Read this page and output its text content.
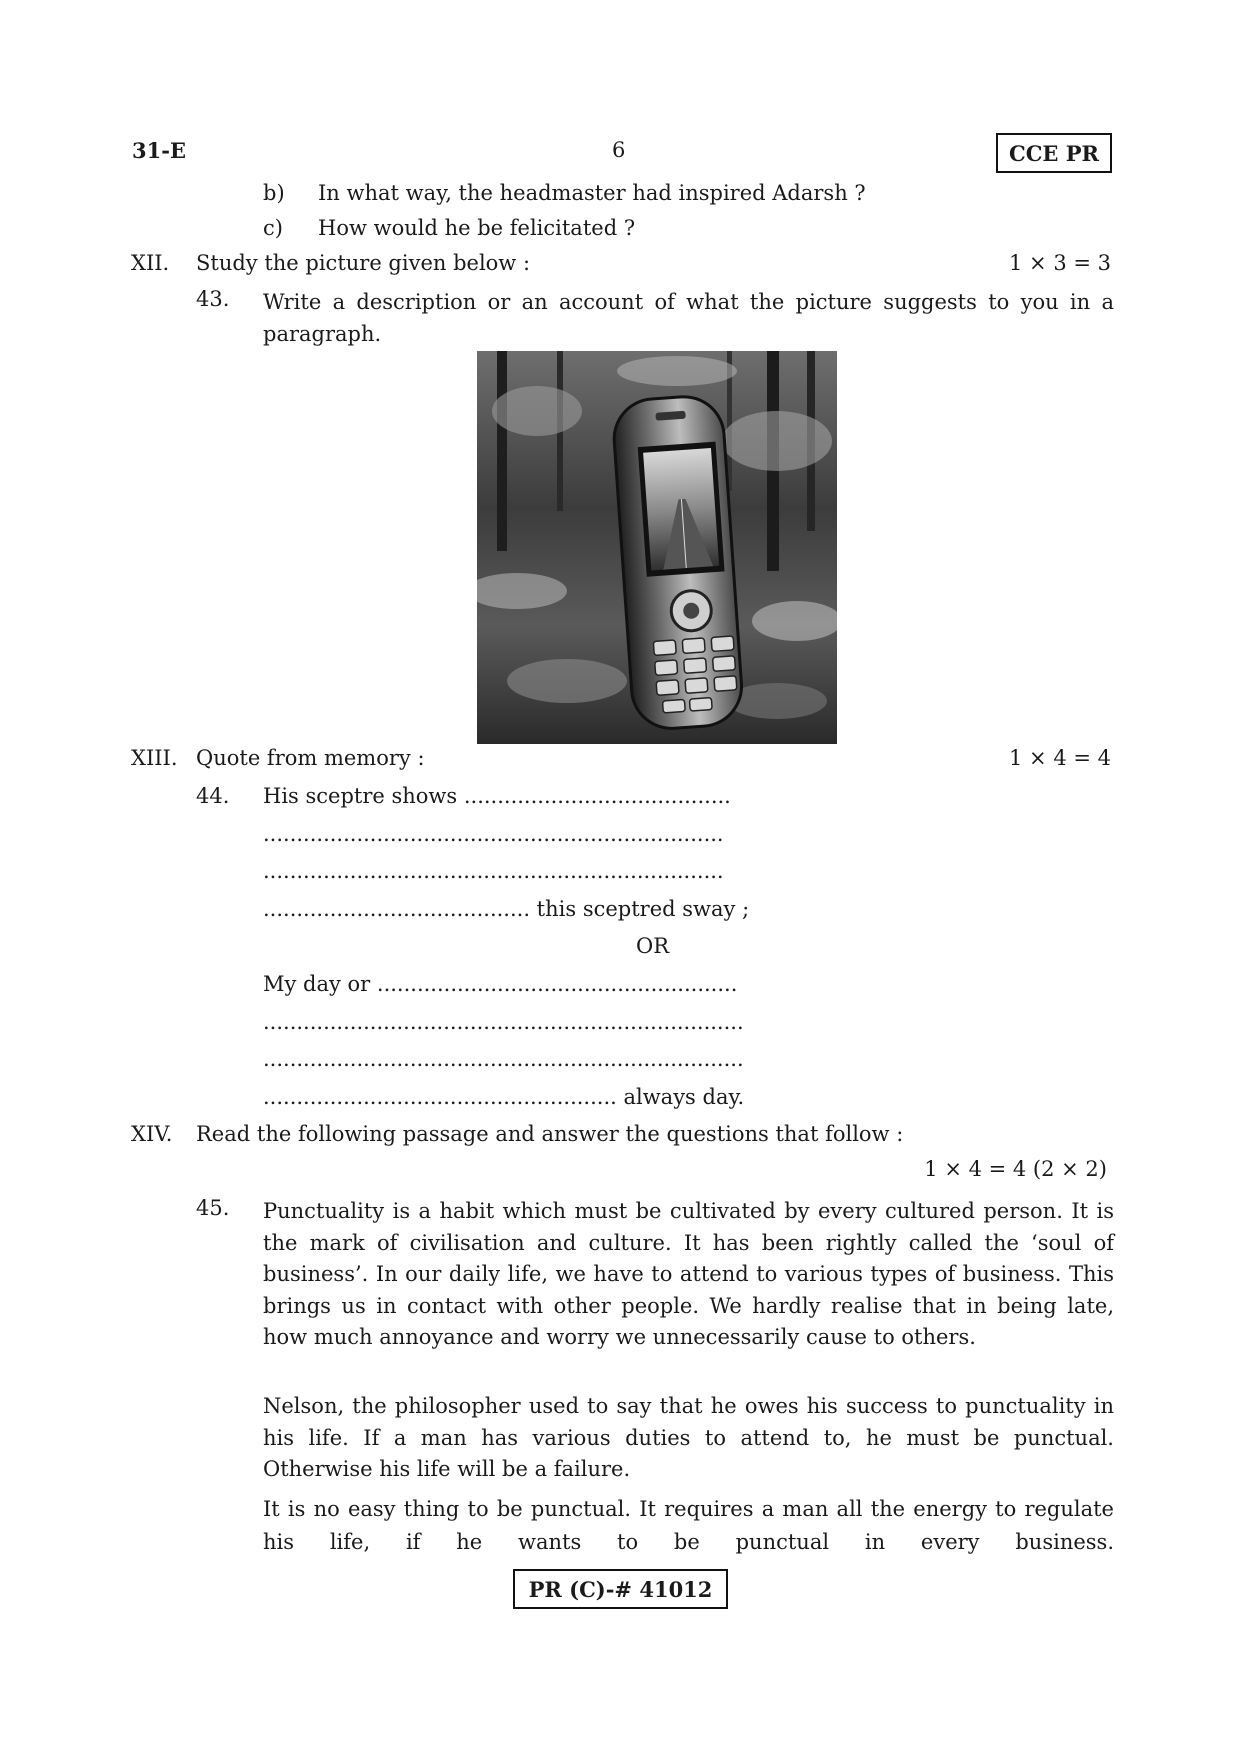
31-E	6	CCE PR
b) In what way, the headmaster had inspired Adarsh ?
c) How would he be felicitated ?
XII. Study the picture given below :	1 × 3 = 3
43. Write a description or an account of what the picture suggests to you in a
paragraph.
XIII. Quote from memory :	1 × 4 = 4
44. His sceptre shows ........................................
.....................................................................
.....................................................................
........................................ this sceptred sway ;
OR
My day or ......................................................
........................................................................
........................................................................
..................................................... always day.
XIV. Read the following passage and answer the questions that follow :
1 × 4 = 4 (2 × 2)
45. Punctuality is a habit which must be cultivated by every cultured person. It is the mark of civilisation and culture. It has been rightly called the ‘soul of business’. In our daily life, we have to attend to various types of business. This brings us in contact with other people. We hardly realise that in being late, how much annoyance and worry we unnecessarily cause to others.
Nelson, the philosopher used to say that he owes his success to punctuality in his life. If a man has various duties to attend to, he must be punctual. Otherwise his life will be a failure.
It is no easy thing to be punctual. It requires a man all the energy to regulate his life, if he wants to be punctual in every business.
PR (C)-# 41012
